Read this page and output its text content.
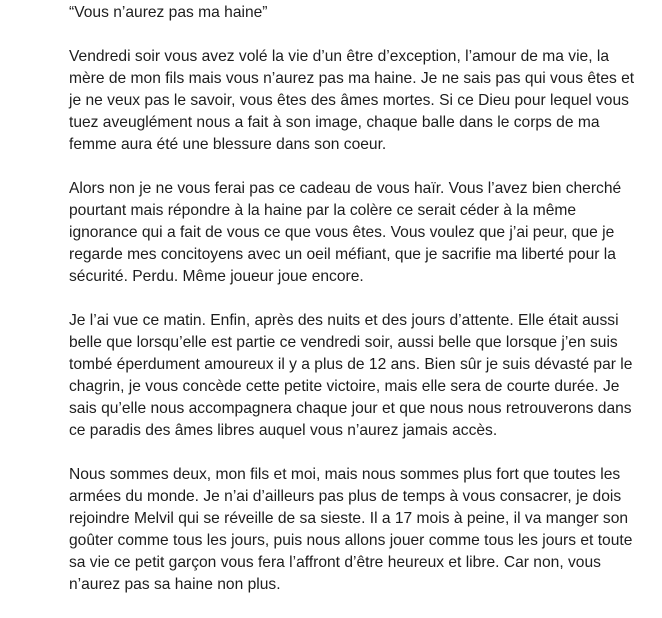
“Vous n’aurez pas ma haine”
Vendredi soir vous avez volé la vie d’un être d’exception, l’amour de ma vie, la
mère de mon fils mais vous n’aurez pas ma haine. Je ne sais pas qui vous êtes et
je ne veux pas le savoir, vous êtes des âmes mortes. Si ce Dieu pour lequel vous
tuez aveuglément nous a fait à son image, chaque balle dans le corps de ma
femme aura été une blessure dans son coeur.
Alors non je ne vous ferai pas ce cadeau de vous haïr. Vous l’avez bien cherché
pourtant mais répondre à la haine par la colère ce serait céder à la même
ignorance qui a fait de vous ce que vous êtes. Vous voulez que j’ai peur, que je
regarde mes concitoyens avec un oeil méfiant, que je sacrifie ma liberté pour la
sécurité. Perdu. Même joueur joue encore.
Je l’ai vue ce matin. Enfin, après des nuits et des jours d’attente. Elle était aussi
belle que lorsqu’elle est partie ce vendredi soir, aussi belle que lorsque j’en suis
tombé éperdument amoureux il y a plus de 12 ans. Bien sûr je suis dévasté par le
chagrin, je vous concède cette petite victoire, mais elle sera de courte durée. Je
sais qu’elle nous accompagnera chaque jour et que nous nous retrouverons dans
ce paradis des âmes libres auquel vous n’aurez jamais accès.
Nous sommes deux, mon fils et moi, mais nous sommes plus fort que toutes les
armées du monde. Je n’ai d’ailleurs pas plus de temps à vous consacrer, je dois
rejoindre Melvil qui se réveille de sa sieste. Il a 17 mois à peine, il va manger son
goûter comme tous les jours, puis nous allons jouer comme tous les jours et toute
sa vie ce petit garçon vous fera l’affront d’être heureux et libre. Car non, vous
n’aurez pas sa haine non plus.
